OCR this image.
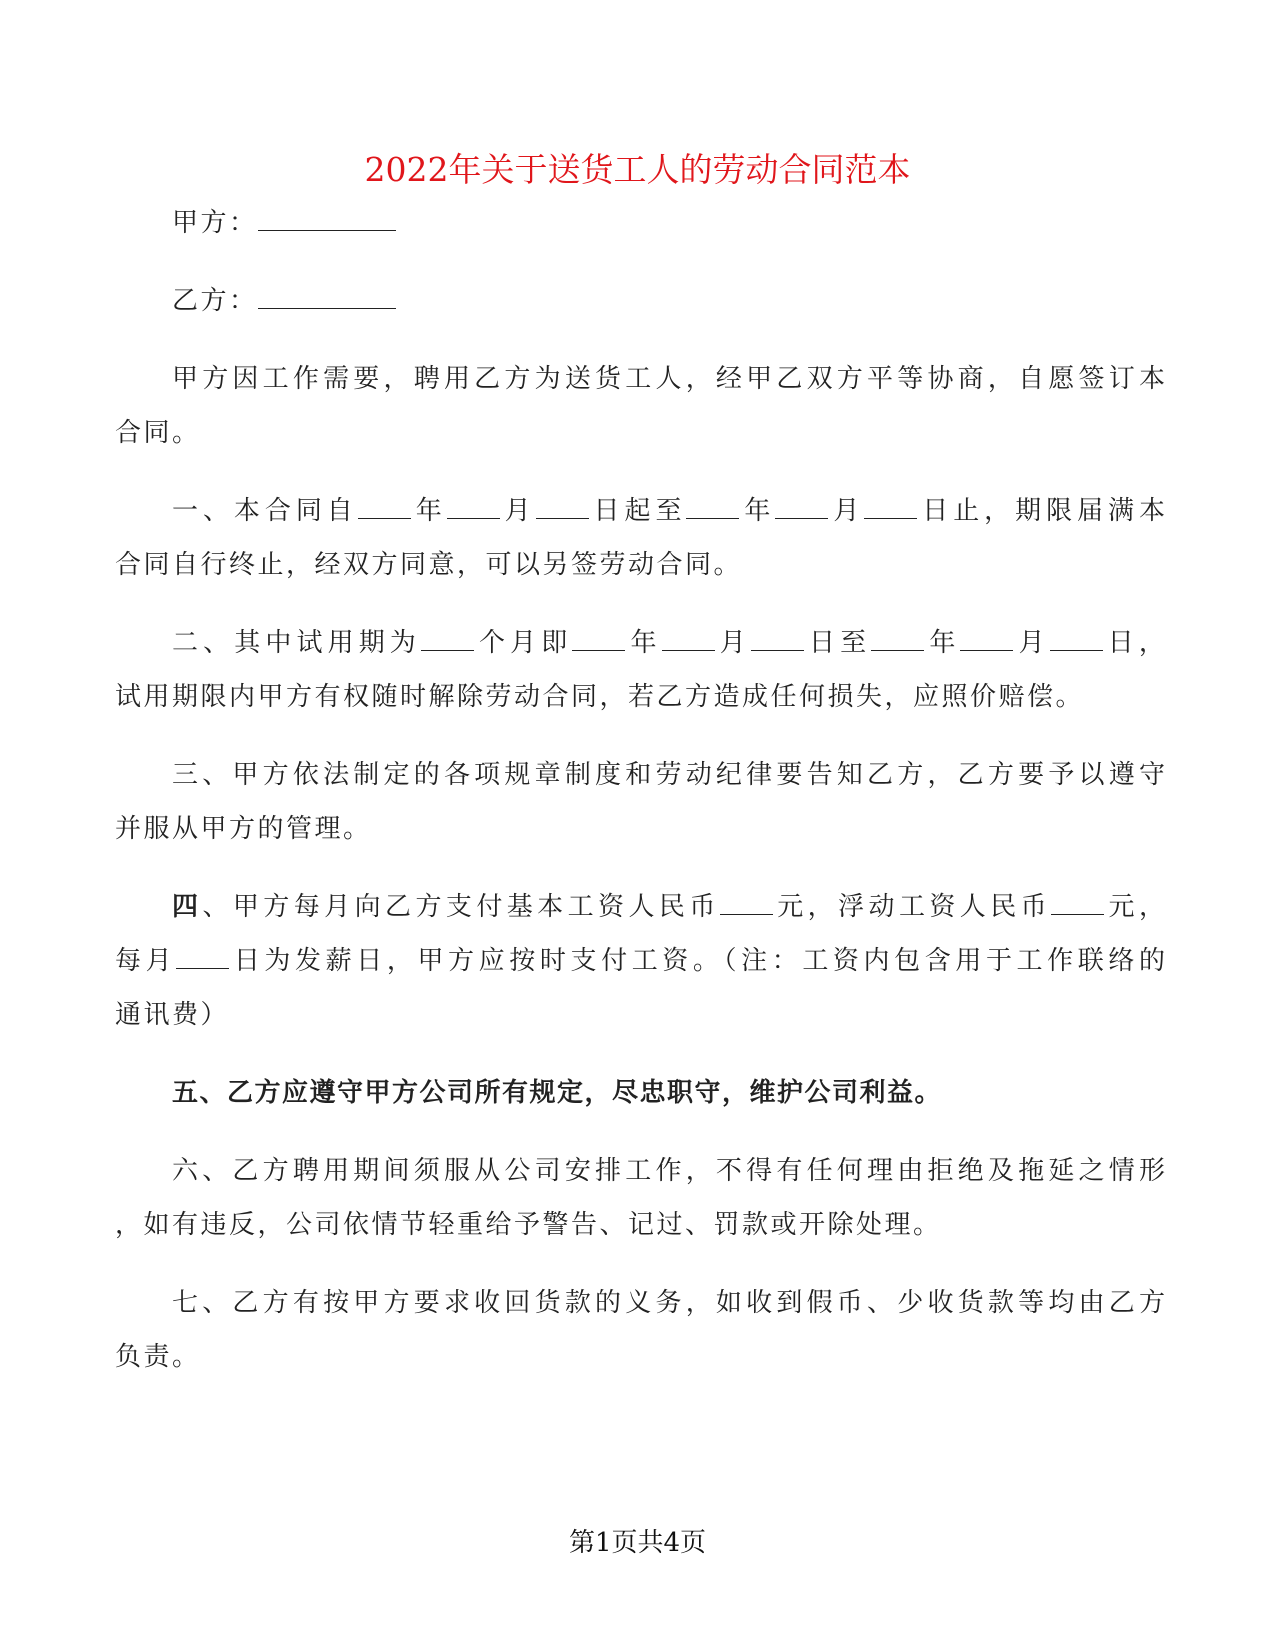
2022年关于送货工人的劳动合同范本
甲方：
乙方：
甲方因工作需要，聘用乙方为送货工人，经甲乙双方平等协商，自愿签订本
合同。
一、本合同自 年 月 日起至 年 月 日止，期限届满本
合同自行终止，经双方同意，可以另签劳动合同。
二、其中试用期为 个月即 年 月 日至 年 月 日，
试用期限内甲方有权随时解除劳动合同，若乙方造成任何损失，应照价赔偿。
三、甲方依法制定的各项规章制度和劳动纪律要告知乙方，乙方要予以遵守
并服从甲方的管理。
四、甲方每月向乙方支付基本工资人民币 元，浮动工资人民币 元，
每月 日为发薪日，甲方应按时支付工资。（注：工资内包含用于工作联络的
通讯费）
五、乙方应遵守甲方公司所有规定，尽忠职守，维护公司利益。
六、乙方聘用期间须服从公司安排工作，不得有任何理由拒绝及拖延之情形
，如有违反，公司依情节轻重给予警告、记过、罚款或开除处理。
七、乙方有按甲方要求收回货款的义务，如收到假币、少收货款等均由乙方
负责。
第1页共4页
